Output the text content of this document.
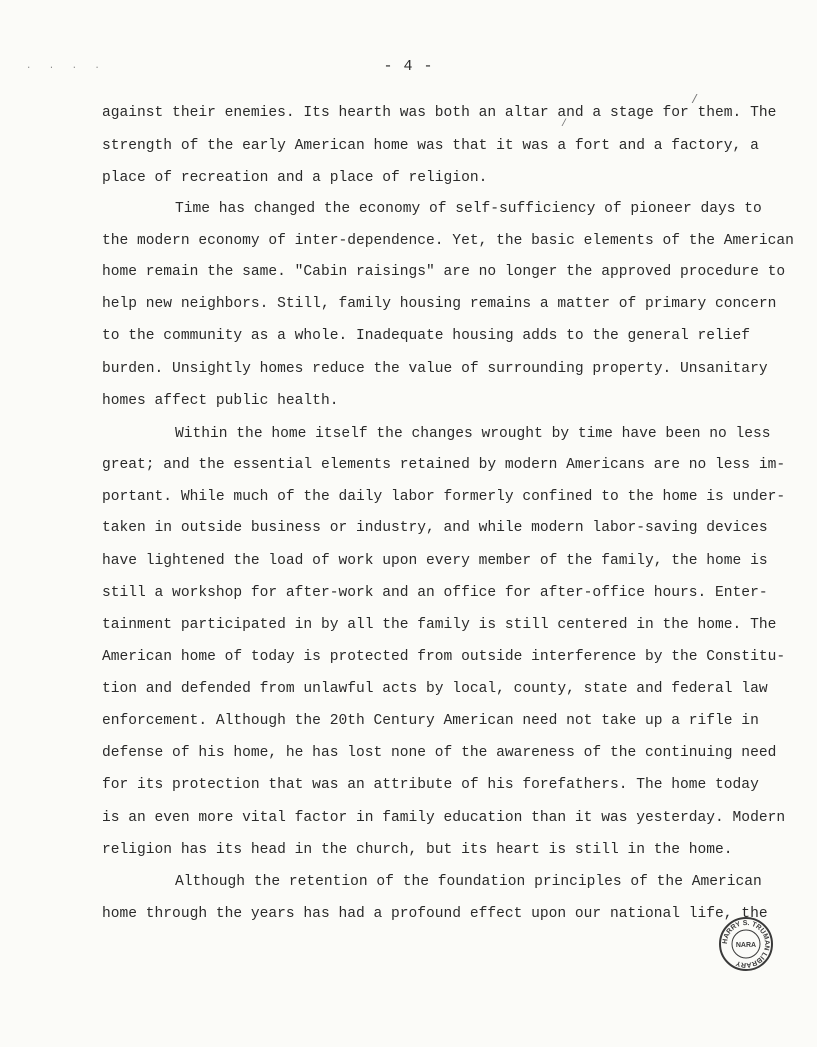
· · · ·	- 4 -
/
/
against their enemies. Its hearth was both an altar and a stage for them. The
strength of the early American home was that it was a fort and a factory, a
place of recreation and a place of religion.
Time has changed the economy of self-sufficiency of pioneer days to
the modern economy of inter-dependence. Yet, the basic elements of the American
home remain the same. "Cabin raisings" are no longer the approved procedure to
help new neighbors. Still, family housing remains a matter of primary concern
to the community as a whole. Inadequate housing adds to the general relief
burden. Unsightly homes reduce the value of surrounding property. Unsanitary
homes affect public health.
Within the home itself the changes wrought by time have been no less
great; and the essential elements retained by modern Americans are no less im-
portant. While much of the daily labor formerly confined to the home is under-
taken in outside business or industry, and while modern labor-saving devices
have lightened the load of work upon every member of the family, the home is
still a workshop for after-work and an office for after-office hours. Enter-
tainment participated in by all the family is still centered in the home. The
American home of today is protected from outside interference by the Constitu-
tion and defended from unlawful acts by local, county, state and federal law
enforcement. Although the 20th Century American need not take up a rifle in
defense of his home, he has lost none of the awareness of the continuing need
for its protection that was an attribute of his forefathers. The home today
is an even more vital factor in family education than it was yesterday. Modern
religion has its head in the church, but its heart is still in the home.
Although the retention of the foundation principles of the American
home through the years has had a profound effect upon our national life, the
HARRY S. TRUMAN LIBRARY
NARA
